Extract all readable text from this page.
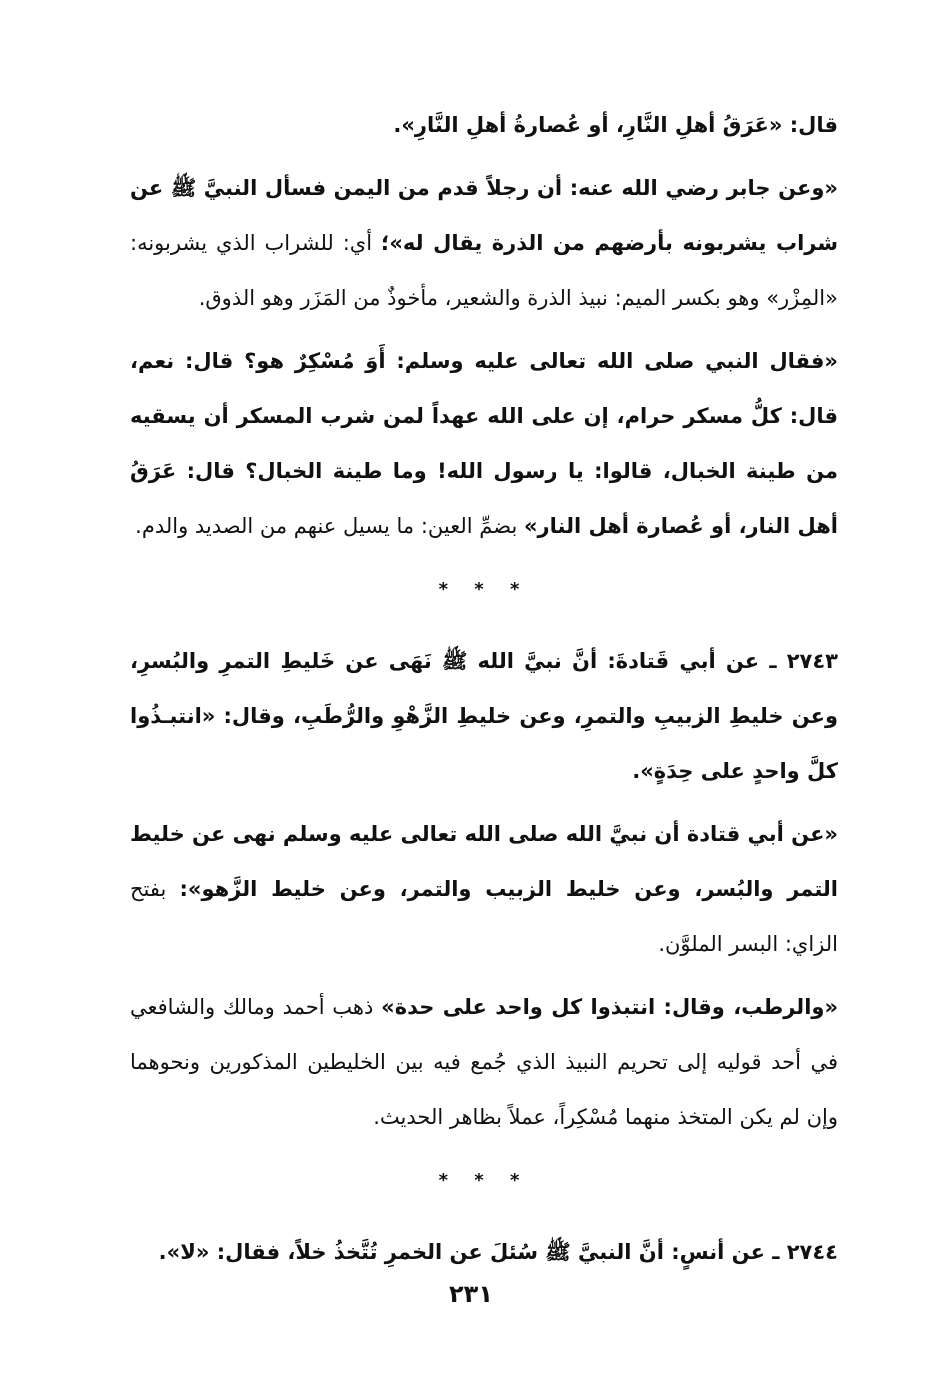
قال: «عَرَقُ أهلِ النَّارِ، أو عُصارةُ أهلِ النَّارِ».

«وعن جابر رضي الله عنه: أن رجلاً قدم من اليمن فسأل النبيَّ ﷺ عن شراب يشربونه بأرضهم من الذرة يقال له»؛ أي: للشراب الذي يشربونه: «المِزْر» وهو بكسر الميم: نبيذ الذرة والشعير، مأخوذٌ من المَزَر وهو الذوق.

«فقال النبي صلى الله تعالى عليه وسلم: أَوَ مُسْكِرٌ هو؟ قال: نعم، قال: كلُّ مسكر حرام، إن على الله عهداً لمن شرب المسكر أن يسقيه من طينة الخبال، قالوا: يا رسول الله! وما طينة الخبال؟ قال: عَرَقُ أهل النار، أو عُصارة أهل النار» بضمِّ العين: ما يسيل عنهم من الصديد والدم.

* * *

٢٧٤٣ ـ عن أبي قَتادةَ: أنَّ نبيَّ الله ﷺ نَهَى عن خَليطِ التمرِ والبُسرِ، وعن خليطِ الزبيبِ والتمرِ، وعن خليطِ الزَّهْوِ والرُّطَبِ، وقال: «انتبـذُوا كلَّ واحدٍ على حِدَةٍ».

«عن أبي قتادة أن نبيَّ الله صلى الله تعالى عليه وسلم نهى عن خليط التمر والبُسر، وعن خليط الزبيب والتمر، وعن خليط الزَّهو»: بفتح الزاي: البسر الملوَّن.

«والرطب، وقال: انتبذوا كل واحد على حدة» ذهب أحمد ومالك والشافعي في أحد قوليه إلى تحريم النبيذ الذي جُمع فيه بين الخليطين المذكورين ونحوهما وإن لم يكن المتخذ منهما مُسْكِراً، عملاً بظاهر الحديث.

* * *

٢٧٤٤ ـ عن أنسٍ: أنَّ النبيَّ ﷺ سُئلَ عن الخمرِ تُتَّخذُ خلاً، فقال: «لا».

٢٣١
